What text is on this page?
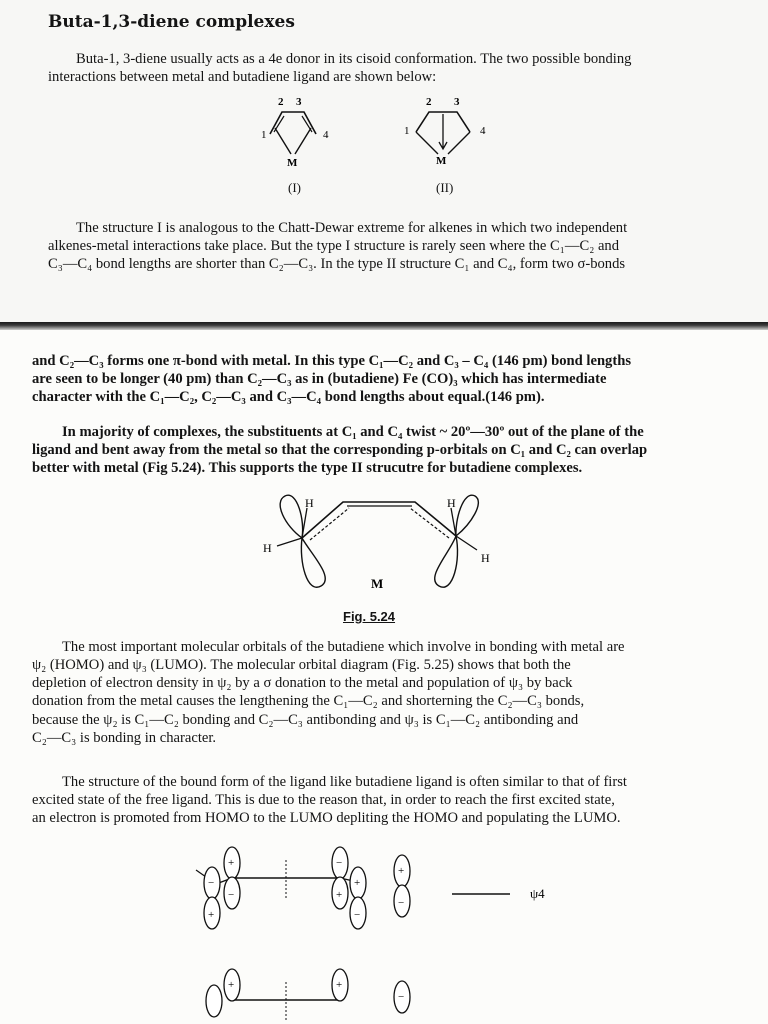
Buta-1,3-diene complexes

Buta-1, 3-diene usually acts as a 4e donor in its cisoid conformation. The two possible bonding

interactions between metal and butadiene ligand are shown below:

2 3
1	4
M
2 3
1	4
M
(I)	(II)

The structure I is analogous to the Chatt-Dewar extreme for alkenes in which two independent

alkenes-metal interactions take place. But the type I structure is rarely seen where the C₁—C₂ and
C₃—C₄ bond lengths are shorter than C₂—C₃. In the type II structure C₁ and C₄, form two σ-bonds

and C₂—C₃ forms one π-bond with metal. In this type C₁—C₂ and C₃ – C₄ (146 pm) bond lengths
are seen to be longer (40 pm) than C₂—C₃ as in (butadiene) Fe (CO)₃ which has intermediate
character with the C₁—C₂, C₂—C₃ and C₃—C₄ bond lengths about equal.(146 pm).

In majority of complexes, the substituents at C₁ and C₄ twist ~ 20º—30º out of the plane of the

ligand and bent away from the metal so that the corresponding p-orbitals on C₁ and C₂ can overlap
better with metal (Fig 5.24). This supports the type II strucutre for butadiene complexes.

H	H
H
H
M
Fig. 5.24

The most important molecular orbitals of the butadiene which involve in bonding with metal are

ψ₂ (HOMO) and ψ₃ (LUMO). The molecular orbital diagram (Fig. 5.25) shows that both the
depletion of electron density in ψ₂ by a σ donation to the metal and population of ψ₃ by back
donation from the metal causes the lengthening the C₁—C₂ and shorterning the C₂—C₃ bonds,
because the ψ₂ is C₁—C₂ bonding and C₂—C₃ antibonding and ψ₃ is C₁—C₂ antibonding and
C₂—C₃ is bonding in character.

The structure of the bound form of the ligand like butadiene ligand is often similar to that of first

excited state of the free ligand. This is due to the reason that, in order to reach the first excited state,
an electron is promoted from HOMO to the LUMO depliting the HOMO and populating the LUMO.

+
−
−
+
−
+
+
−
+
−
ψ4
+	+
−
